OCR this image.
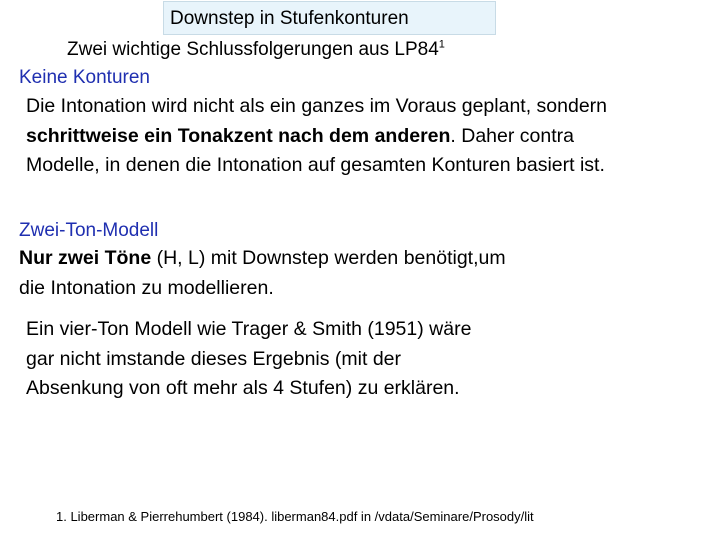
Downstep in Stufenkonturen
Zwei wichtige Schlussfolgerungen aus $LP84^1$
Keine Konturen
Die Intonation wird nicht als ein ganzes im Voraus geplant, sondern
schrittweise ein Tonakzent nach dem anderen. Daher contra
Modelle, in denen die Intonation auf gesamten Konturen basiert ist.
Zwei-Ton-Modell
Nur zwei Töne (H, L) mit Downstep werden benötigt,um
die Intonation zu modellieren.
Ein vier-Ton Modell wie Trager & Smith (1951) wäre
gar nicht imstande dieses Ergebnis (mit der
Absenkung von oft mehr als 4 Stufen) zu erklären.
1. Liberman & Pierrehumbert (1984). liberman84.pdf in /vdata/Seminare/Prosody/lit
